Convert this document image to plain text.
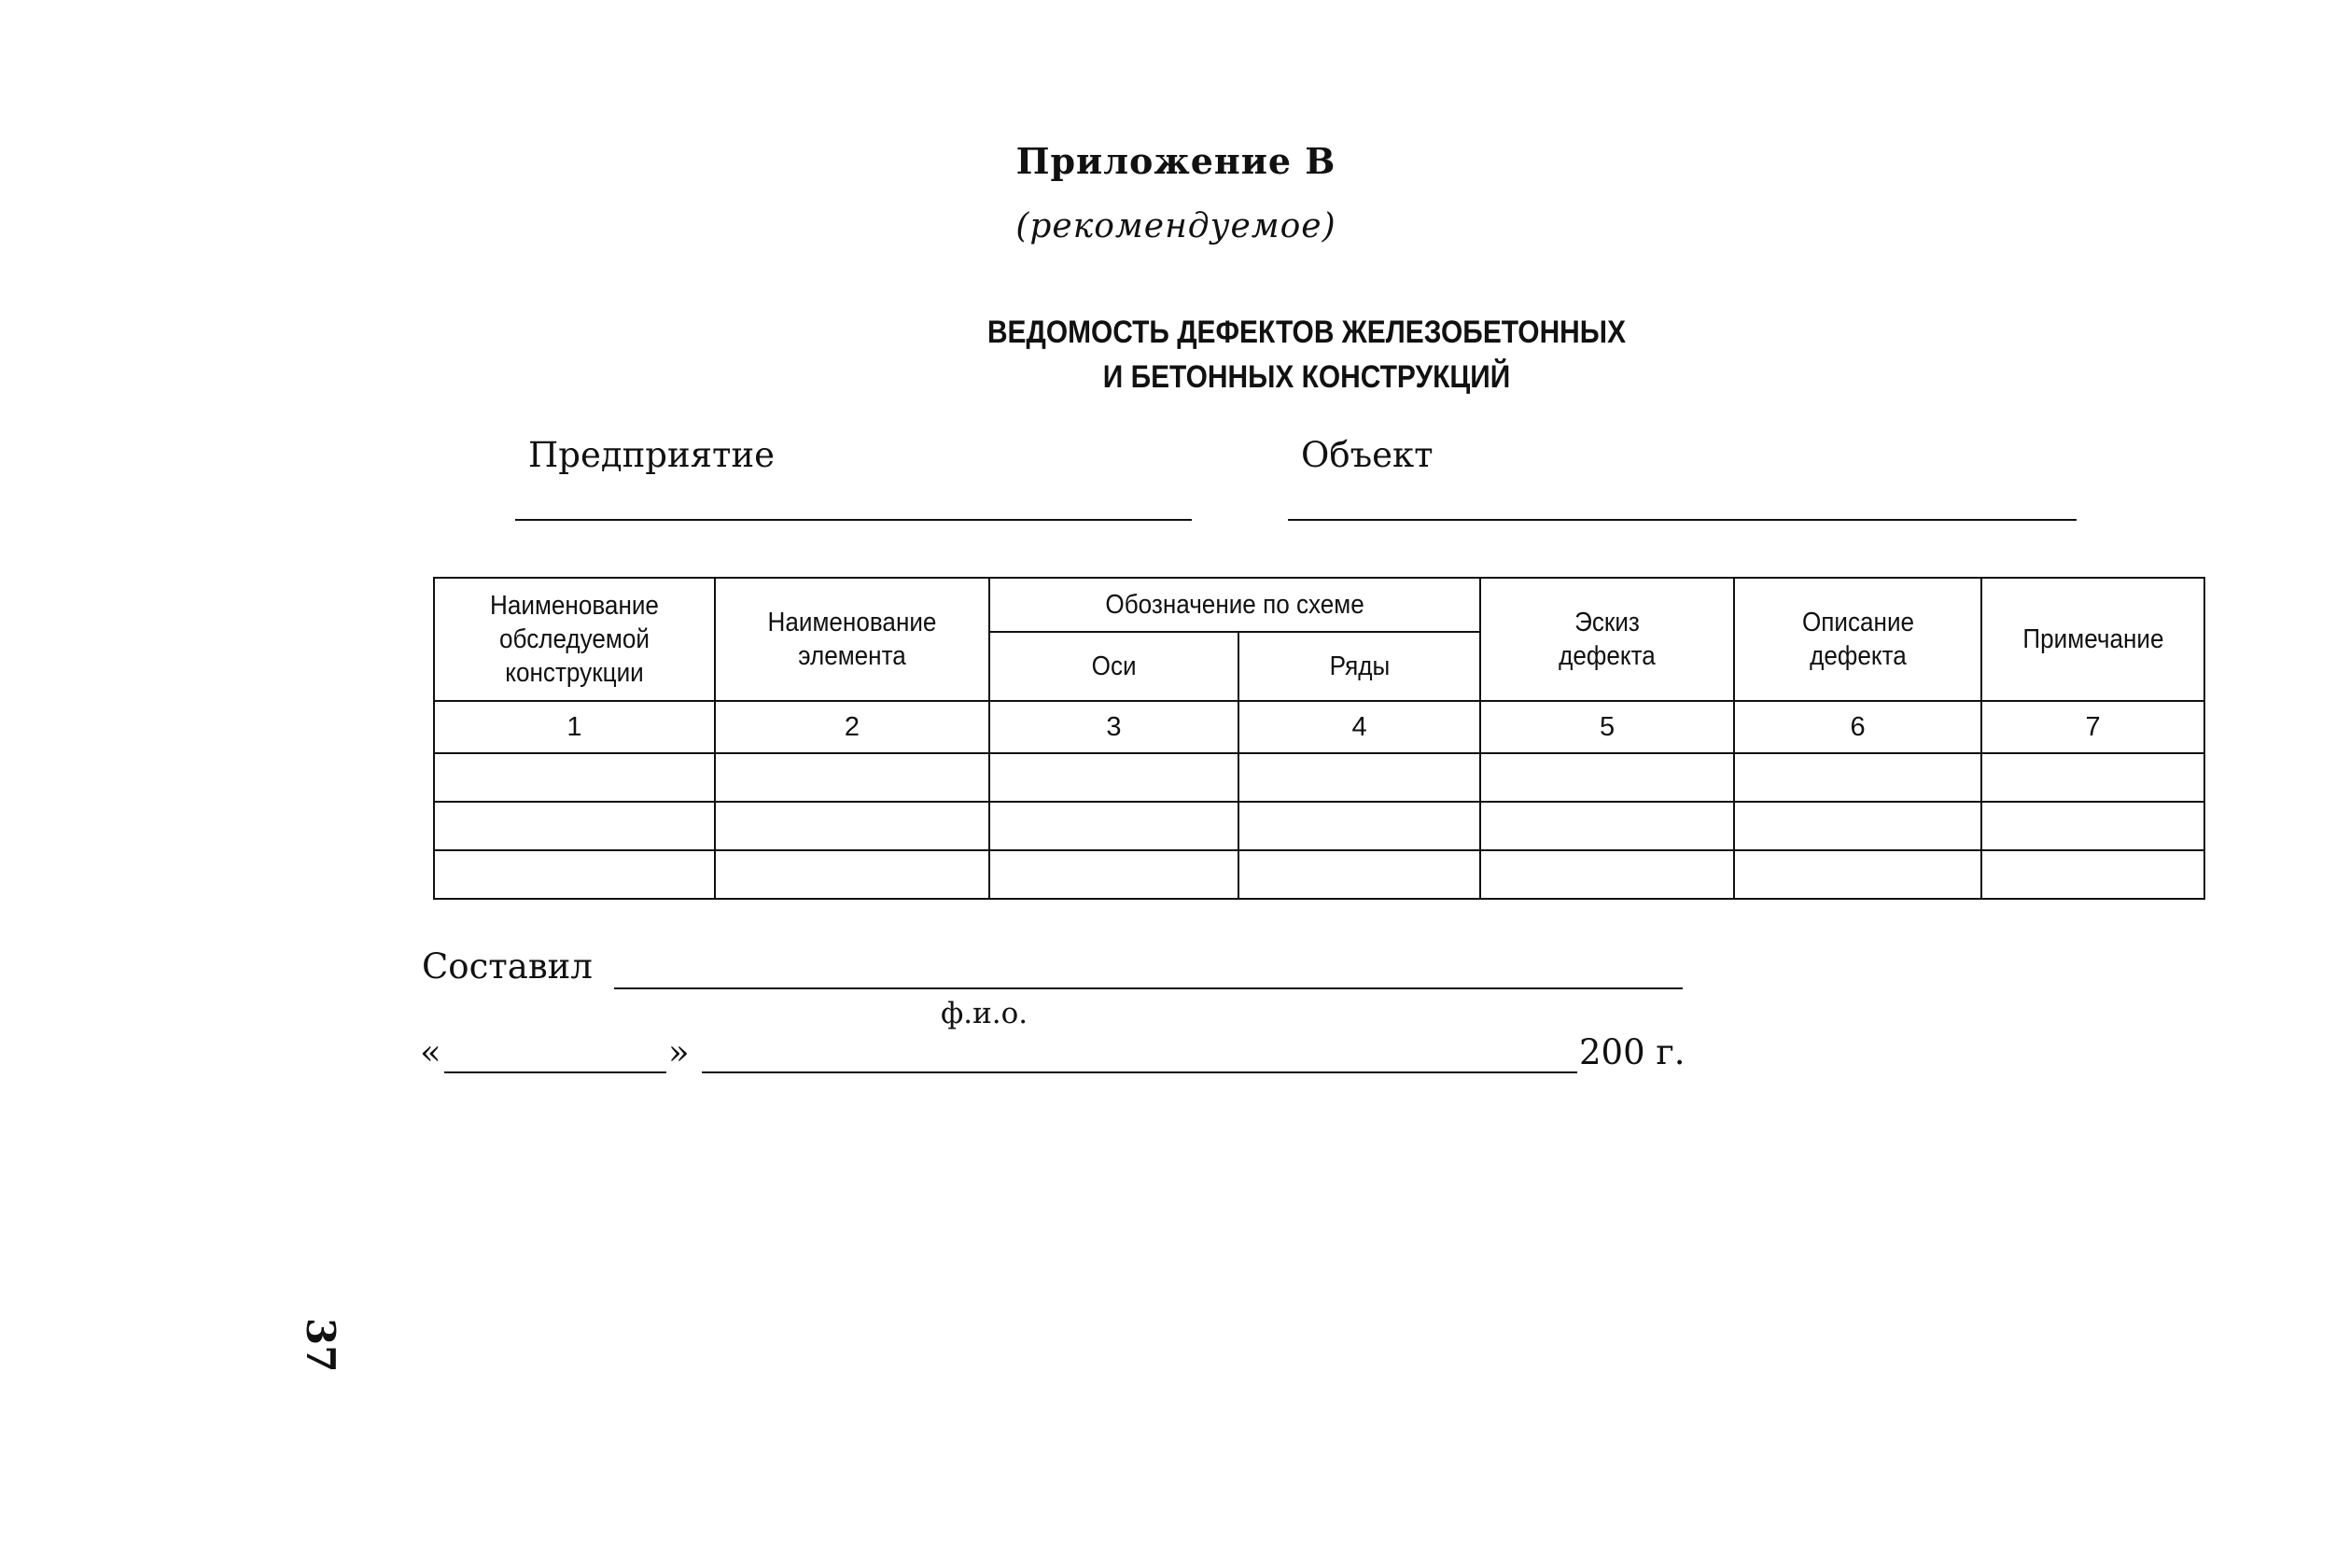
Приложение В
(рекомендуемое)
ВЕДОМОСТЬ ДЕФЕКТОВ ЖЕЛЕЗОБЕТОННЫХ
И БЕТОННЫХ КОНСТРУКЦИЙ
Предприятие	Объект
Наименование обследуемой конструкции	Наименование элемента	Обозначение по схеме		Эскиз дефекта	Описание дефекта	Примечание
		Оси	Ряды			
1	2	3	4	5	6	7

Составил
ф.и.о.
«	»	200 г.
37
